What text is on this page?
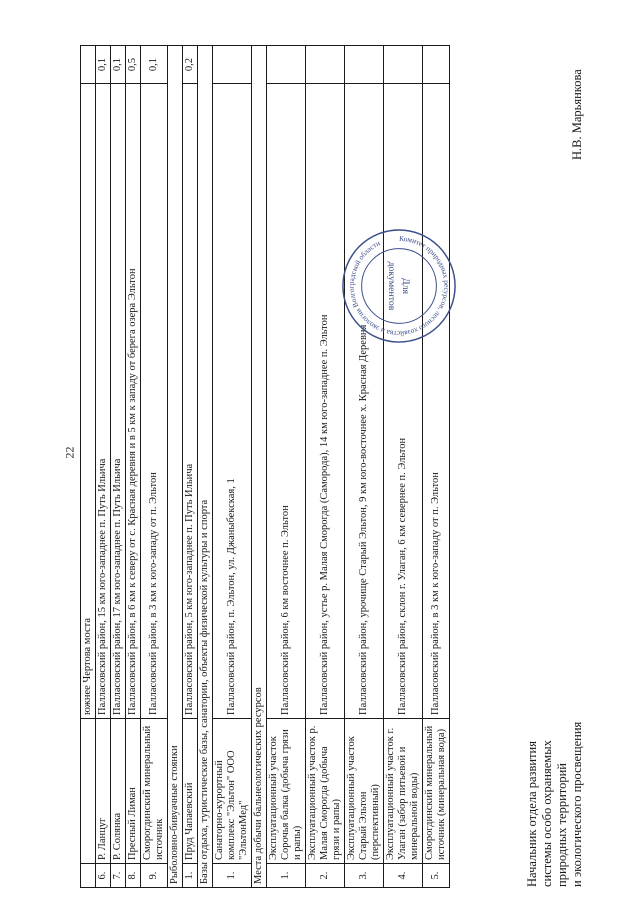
22
		южнее Чертова моста	
6.	Р. Ланцуг	Палласовский район, 15 км юго-западнее п. Путь Ильича	0,1
7.	Р. Солянка	Палласовский район, 17 км юго-западнее п. Путь Ильича	0,1
8.	Пресный Лиман	Палласовский район, в 6 км к северу от с. Красная деревня и в 5 км к западу от берега озера Эльтон	0,5
9.	Смоpогдинский минеральный источник	Палласовский район, в 3 км к юго-западу от п. Эльтон	0,1
Рыболовно-бивуачные стоянки			
1.	Пруд Чапаевский	Палласовский район, 5 км юго-западнее п. Путь Ильича	0,2
Базы отдыха, туристические базы, санатории, объекты физической культуры и спорта			
1.	Санаторно-курортный комплекс "Эльтон" ООО "ЭльтонМед"	Палласовский район, п. Эльтон, ул. Джаныбекская, 1	
Места добычи бальнеологических ресурсов			
1.	Эксплуатационный участок Сорочья балка (добыча грязи и рапы)	Палласовский район, 6 км восточнее п. Эльтон	
2.	Эксплуатационный участок р. Малая Смоpогда (добыча грязи и рапы)	Палласовский район, устье р. Малая Смоpогда (Саморода), 14 км юго-западнее п. Эльтон	
3.	Эксплуатационный участок Старый Эльтон (перспективный)	Палласовский район, урочище Старый Эльтон, 9 км юго-восточнее х. Красная Деревня	
4.	Эксплуатационный участок г. Улаган (забор питьевой и минеральной воды)	Палласовский район, склон г. Улаган, 6 км севернее п. Эльтон	
5.	Смоpогдинский минеральный источник (минеральная вода)	Палласовский район, в 3 км к юго-западу от п. Эльтон	
Начальник отдела развития системы особо охраняемых природных территорий и экологического просвещения
Н.В. Марьянкова
Комитет природных ресурсов, лесного хозяйства и экологии Волгоградской области
Для
документов
